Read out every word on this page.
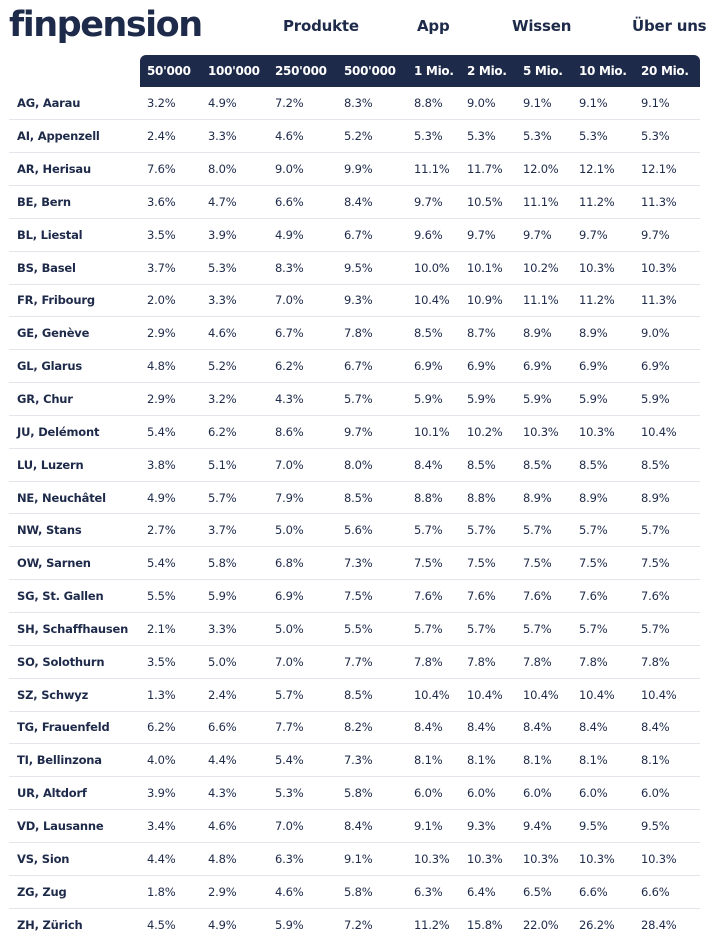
finpension	Produkte	App	Wissen	Über uns
	50'000	100'000	250'000	500'000	1 Mio.	2 Mio.	5 Mio.	10 Mio.	20 Mio.
AG, Aarau	3.2%	4.9%	7.2%	8.3%	8.8%	9.0%	9.1%	9.1%	9.1%
AI, Appenzell	2.4%	3.3%	4.6%	5.2%	5.3%	5.3%	5.3%	5.3%	5.3%
AR, Herisau	7.6%	8.0%	9.0%	9.9%	11.1%	11.7%	12.0%	12.1%	12.1%
BE, Bern	3.6%	4.7%	6.6%	8.4%	9.7%	10.5%	11.1%	11.2%	11.3%
BL, Liestal	3.5%	3.9%	4.9%	6.7%	9.6%	9.7%	9.7%	9.7%	9.7%
BS, Basel	3.7%	5.3%	8.3%	9.5%	10.0%	10.1%	10.2%	10.3%	10.3%
FR, Fribourg	2.0%	3.3%	7.0%	9.3%	10.4%	10.9%	11.1%	11.2%	11.3%
GE, Genève	2.9%	4.6%	6.7%	7.8%	8.5%	8.7%	8.9%	8.9%	9.0%
GL, Glarus	4.8%	5.2%	6.2%	6.7%	6.9%	6.9%	6.9%	6.9%	6.9%
GR, Chur	2.9%	3.2%	4.3%	5.7%	5.9%	5.9%	5.9%	5.9%	5.9%
JU, Delémont	5.4%	6.2%	8.6%	9.7%	10.1%	10.2%	10.3%	10.3%	10.4%
LU, Luzern	3.8%	5.1%	7.0%	8.0%	8.4%	8.5%	8.5%	8.5%	8.5%
NE, Neuchâtel	4.9%	5.7%	7.9%	8.5%	8.8%	8.8%	8.9%	8.9%	8.9%
NW, Stans	2.7%	3.7%	5.0%	5.6%	5.7%	5.7%	5.7%	5.7%	5.7%
OW, Sarnen	5.4%	5.8%	6.8%	7.3%	7.5%	7.5%	7.5%	7.5%	7.5%
SG, St. Gallen	5.5%	5.9%	6.9%	7.5%	7.6%	7.6%	7.6%	7.6%	7.6%
SH, Schaffhausen	2.1%	3.3%	5.0%	5.5%	5.7%	5.7%	5.7%	5.7%	5.7%
SO, Solothurn	3.5%	5.0%	7.0%	7.7%	7.8%	7.8%	7.8%	7.8%	7.8%
SZ, Schwyz	1.3%	2.4%	5.7%	8.5%	10.4%	10.4%	10.4%	10.4%	10.4%
TG, Frauenfeld	6.2%	6.6%	7.7%	8.2%	8.4%	8.4%	8.4%	8.4%	8.4%
TI, Bellinzona	4.0%	4.4%	5.4%	7.3%	8.1%	8.1%	8.1%	8.1%	8.1%
UR, Altdorf	3.9%	4.3%	5.3%	5.8%	6.0%	6.0%	6.0%	6.0%	6.0%
VD, Lausanne	3.4%	4.6%	7.0%	8.4%	9.1%	9.3%	9.4%	9.5%	9.5%
VS, Sion	4.4%	4.8%	6.3%	9.1%	10.3%	10.3%	10.3%	10.3%	10.3%
ZG, Zug	1.8%	2.9%	4.6%	5.8%	6.3%	6.4%	6.5%	6.6%	6.6%
ZH, Zürich	4.5%	4.9%	5.9%	7.2%	11.2%	15.8%	22.0%	26.2%	28.4%
